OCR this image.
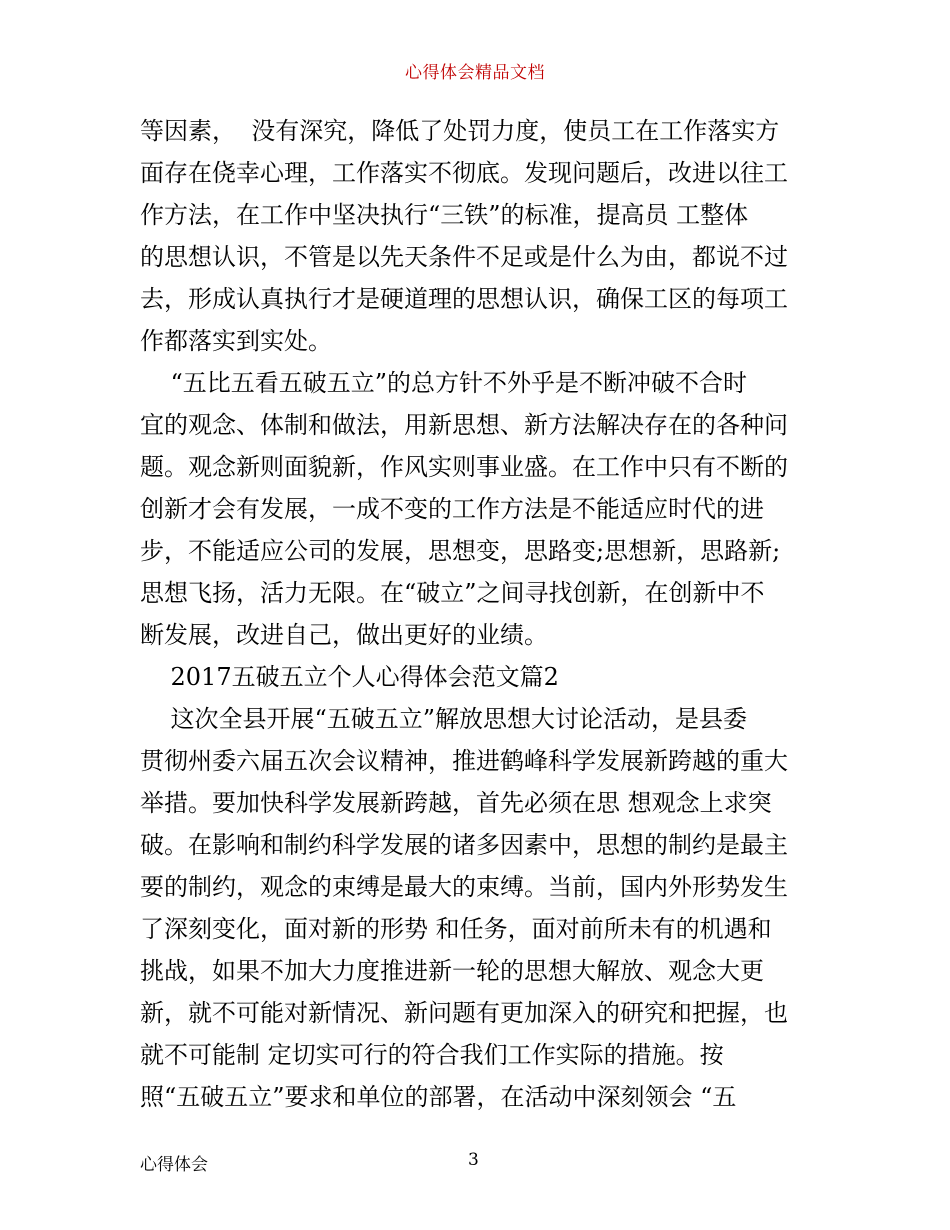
心得体会精品文档
等因素，  没有深究，降低了处罚力度，使员工在工作落实方
面存在侥幸心理，工作落实不彻底。发现问题后，改进以往工
作方法，在工作中坚决执行“三铁”的标准，提高员 工整体
的思想认识，不管是以先天条件不足或是什么为由，都说不过
去，形成认真执行才是硬道理的思想认识，确保工区的每项工
作都落实到实处。
“五比五看五破五立”的总方针不外乎是不断冲破不合时
宜的观念、体制和做法，用新思想、新方法解决存在的各种问
题。观念新则面貌新，作风实则事业盛。在工作中只有不断的
创新才会有发展，一成不变的工作方法是不能适应时代的进
步，不能适应公司的发展，思想变，思路变;思想新，思路新;
思想飞扬，活力无限。在“破立”之间寻找创新，在创新中不
断发展，改进自己，做出更好的业绩。
2017五破五立个人心得体会范文篇2
这次全县开展“五破五立”解放思想大讨论活动，是县委
贯彻州委六届五次会议精神，推进鹤峰科学发展新跨越的重大
举措。要加快科学发展新跨越，首先必须在思 想观念上求突
破。在影响和制约科学发展的诸多因素中，思想的制约是最主
要的制约，观念的束缚是最大的束缚。当前，国内外形势发生
了深刻变化，面对新的形势 和任务，面对前所未有的机遇和
挑战，如果不加大力度推进新一轮的思想大解放、观念大更
新，就不可能对新情况、新问题有更加深入的研究和把握，也
就不可能制 定切实可行的符合我们工作实际的措施。按
照“五破五立”要求和单位的部署，在活动中深刻领会 “五
心得体会	3
